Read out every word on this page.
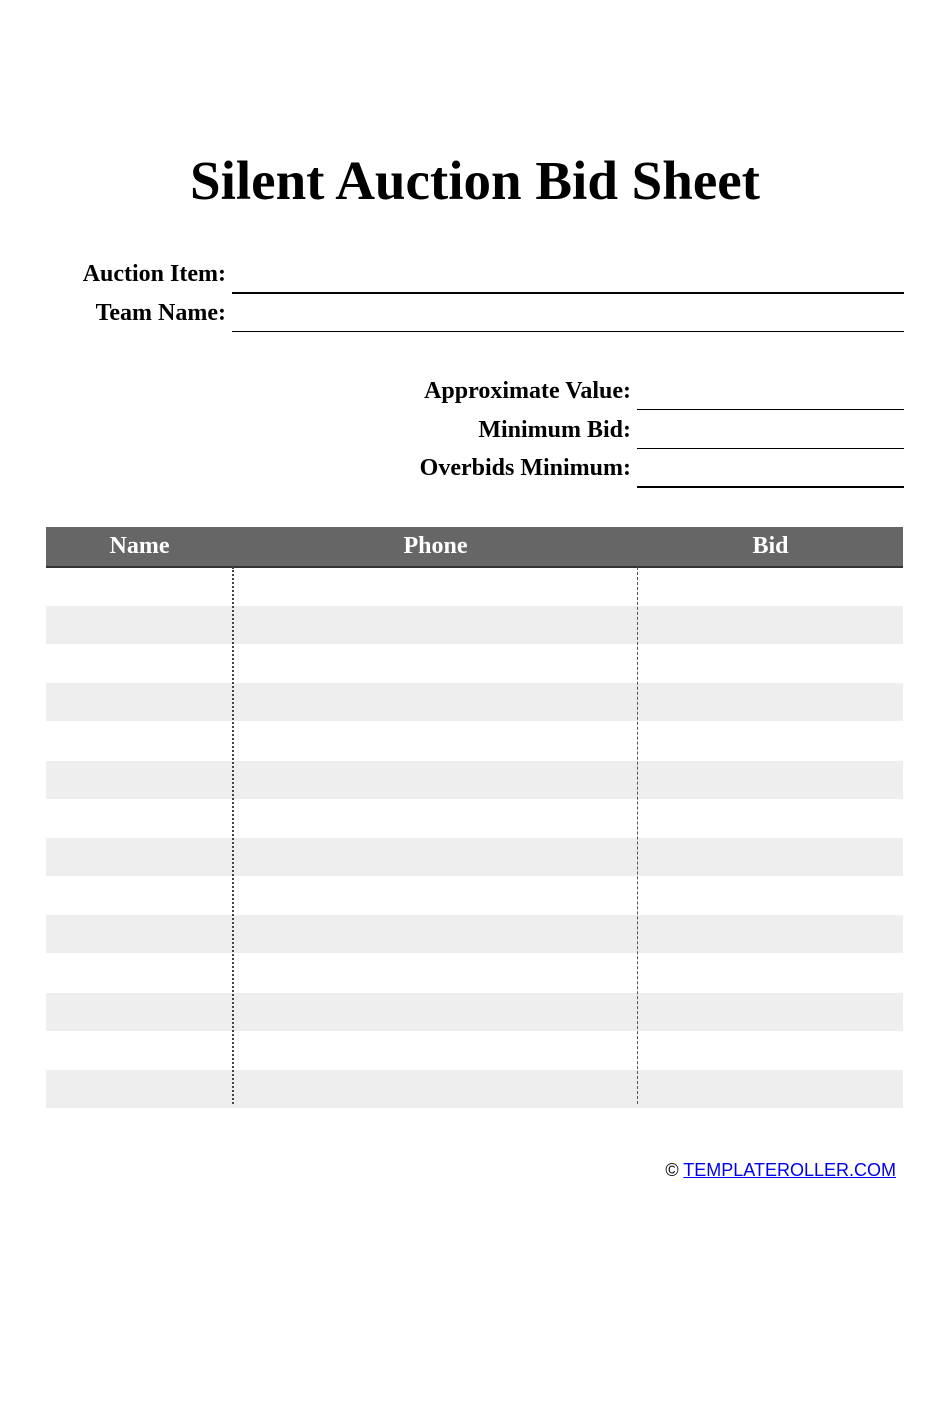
Silent Auction Bid Sheet
Auction Item:
Team Name:
Approximate Value:
Minimum Bid:
Overbids Minimum:
Name	Phone	Bid
© TEMPLATEROLLER.COM
